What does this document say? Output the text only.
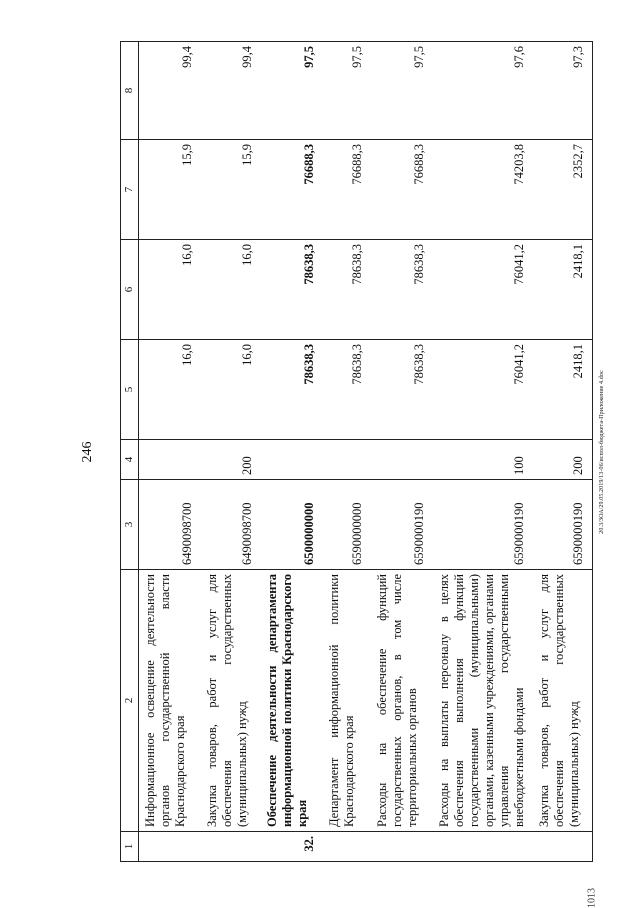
246	20.3/ЗОА/29.05.2019/13-06/испол-бюджета-Приложение 4.doc
1013
1	2	3	4	5	6	7	8
	Информационное освещение деятельности органов государственной власти Краснодарского края	6490098700		16,0	16,0	15,9	99,4
	Закупка товаров, работ и услуг для обеспечения государственных (муниципальных) нужд	6490098700	200	16,0	16,0	15,9	99,4
32.	Обеспечение деятельности департамента информационной политики Краснодарского края	6500000000		78638,3	78638,3	76688,3	97,5
	Департамент информационной политики Краснодарского края	6590000000		78638,3	78638,3	76688,3	97,5
	Расходы на обеспечение функций государственных органов, в том числе территориальных органов	6590000190		78638,3	78638,3	76688,3	97,5
	Расходы на выплаты персоналу в целях обеспечения выполнения функций государственными (муниципальными) органами, казенными учреждениями, органами управления государственными внебюджетными фондами	6590000190	100	76041,2	76041,2	74203,8	97,6
	Закупка товаров, работ и услуг для обеспечения государственных (муниципальных) нужд	6590000190	200	2418,1	2418,1	2352,7	97,3
